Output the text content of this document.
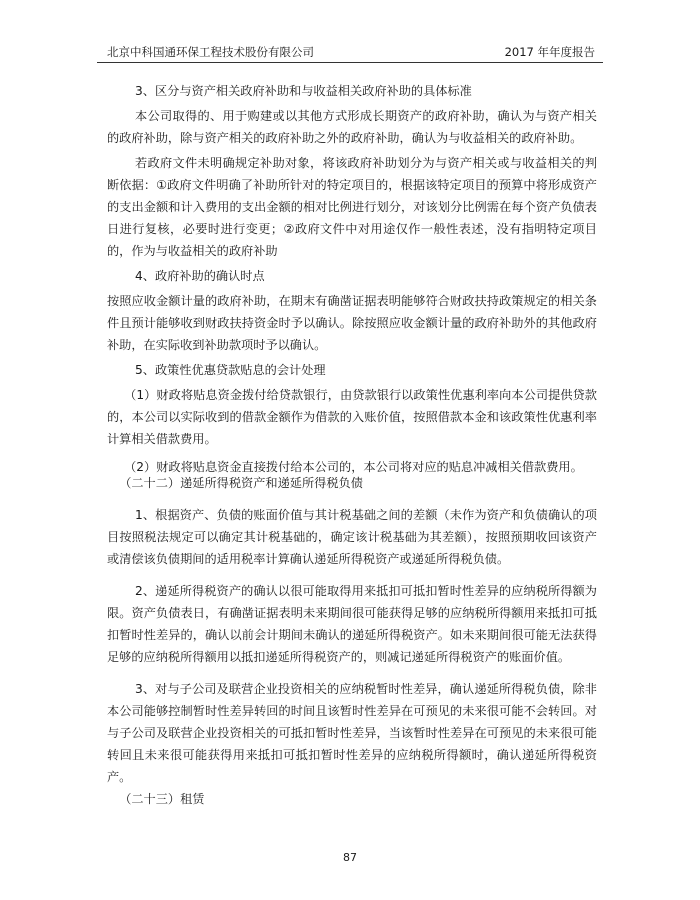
北京中科国通环保工程技术股份有限公司	2017 年年度报告

3、区分与资产相关政府补助和与收益相关政府补助的具体标准

本公司取得的、用于购建或以其他方式形成长期资产的政府补助，确认为与资产相关的政府补助，除与资产相关的政府补助之外的政府补助，确认为与收益相关的政府补助。

若政府文件未明确规定补助对象，将该政府补助划分为与资产相关或与收益相关的判断依据：①政府文件明确了补助所针对的特定项目的，根据该特定项目的预算中将形成资产的支出金额和计入费用的支出金额的相对比例进行划分，对该划分比例需在每个资产负债表日进行复核，必要时进行变更；②政府文件中对用途仅作一般性表述，没有指明特定项目的，作为与收益相关的政府补助

4、政府补助的确认时点

按照应收金额计量的政府补助，在期末有确凿证据表明能够符合财政扶持政策规定的相关条件且预计能够收到财政扶持资金时予以确认。除按照应收金额计量的政府补助外的其他政府补助，在实际收到补助款项时予以确认。

5、政策性优惠贷款贴息的会计处理

（1）财政将贴息资金拨付给贷款银行，由贷款银行以政策性优惠利率向本公司提供贷款的，本公司以实际收到的借款金额作为借款的入账价值，按照借款本金和该政策性优惠利率计算相关借款费用。

（2）财政将贴息资金直接拨付给本公司的，本公司将对应的贴息冲减相关借款费用。

（二十二）递延所得税资产和递延所得税负债

1、根据资产、负债的账面价值与其计税基础之间的差额（未作为资产和负债确认的项目按照税法规定可以确定其计税基础的，确定该计税基础为其差额），按照预期收回该资产或清偿该负债期间的适用税率计算确认递延所得税资产或递延所得税负债。

2、递延所得税资产的确认以很可能取得用来抵扣可抵扣暂时性差异的应纳税所得额为限。资产负债表日，有确凿证据表明未来期间很可能获得足够的应纳税所得额用来抵扣可抵扣暂时性差异的，确认以前会计期间未确认的递延所得税资产。如未来期间很可能无法获得足够的应纳税所得额用以抵扣递延所得税资产的，则减记递延所得税资产的账面价值。

3、对与子公司及联营企业投资相关的应纳税暂时性差异，确认递延所得税负债，除非本公司能够控制暂时性差异转回的时间且该暂时性差异在可预见的未来很可能不会转回。对与子公司及联营企业投资相关的可抵扣暂时性差异，当该暂时性差异在可预见的未来很可能转回且未来很可能获得用来抵扣可抵扣暂时性差异的应纳税所得额时，确认递延所得税资产。

（二十三）租赁

87
